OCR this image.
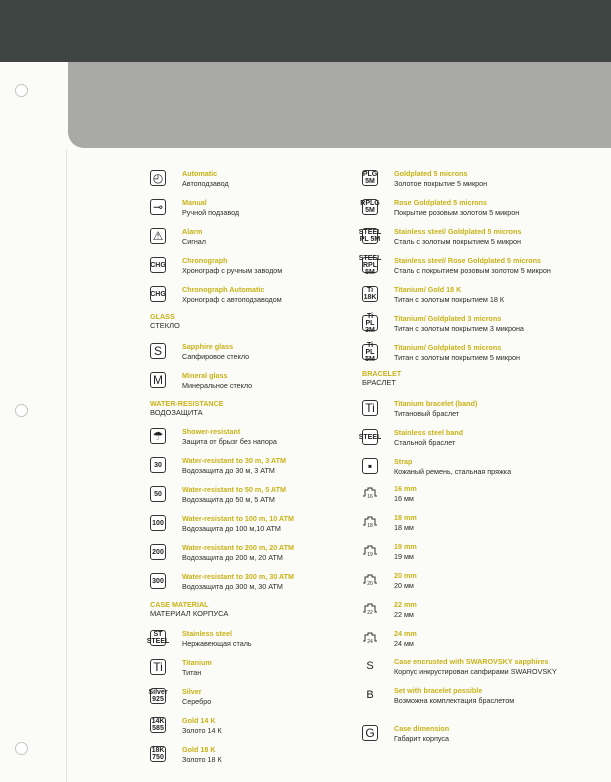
◴	Automatic
Автоподзавод
⊸	Manual
Ручной подзавод
⚠	Alarm
Сигнал
CHG Chronograph
Хронограф с ручным заводом
CHG Chronograph Automatic
Хронограф с автоподзаводом
GLASS
СТЕКЛО
S	Sapphire glass
Сапфировое стекло
M	Mineral glass
Минеральное стекло
WATER-RESISTANCE
ВОДОЗАЩИТА
☂	Shower-resistant
Защита от брызг без напора
30	Water-resistant to 30 m, 3 ATM
Водозащита до 30 м, 3 АТМ
50	Water-resistant to 50 m, 5 ATM
Водозащита до 50 м, 5 АТМ
100	Water-resistant to 100 m, 10 ATM
Водозащита до 100 м,10 АТМ
200	Water-resistant to 200 m, 20 ATM
Водозащита до 200 м, 20 АТМ
300	Water-resistant to 300 m, 30 ATM
Водозащита до 300 м, 30 АТМ
CASE MATERIAL
МАТЕРИАЛ КОРПУСА
ST STEEL
Stainless steel
Нержавеющая сталь
Ti	Titanium
Титан
Silver 925
Silver
Серебро
14K 585
Gold 14 K
Золото 14 К
18K 750
Gold 18 K
Золото 18 К
PLG 5M
Goldplated 5 microns
Золотое покрытие 5 микрон
RPLG 5M
Rose Goldplated 5 microns
Покрытие розовым золотом 5 микрон
STEEL PL 5M
Stainless steel/ Goldplated 5 microns
Сталь с золотым покрытием 5 микрон
STEEL RPL 5M
Stainless steel/ Rose Goldplated 5 microns
Сталь с покрытием розовым золотом 5 микрон
Ti 18K
Titanium/ Gold 18 K
Титан с золотым покрытием 18 К
Ti PL 3M
Titanium/ Goldplated 3 microns
Титан с золотым покрытием 3 микрона
Ti PL 5M
Titanium/ Goldplated 5 microns
Титан с золотым покрытием 5 микрон
BRACELET
БРАСЛЕТ
Ti	Titanium bracelet (band)
Титановый браслет
STEEL Stainless steel band
Стальной браслет
▪	Strap
Кожаный ремень, стальная пряжка
16
16 mm
16 мм
18
18 mm
18 мм
19
19 mm
19 мм
20
20 mm
20 мм
22
22 mm
22 мм
24
24 mm
24 мм
S	Case encrusted with SWAROVSKY sapphires
Корпус инкрустирован сапфирами SWAROVSKY
B	Set with bracelet possible
Возможна комплектация браслетом
G	Case dimension
Габарит корпуса
